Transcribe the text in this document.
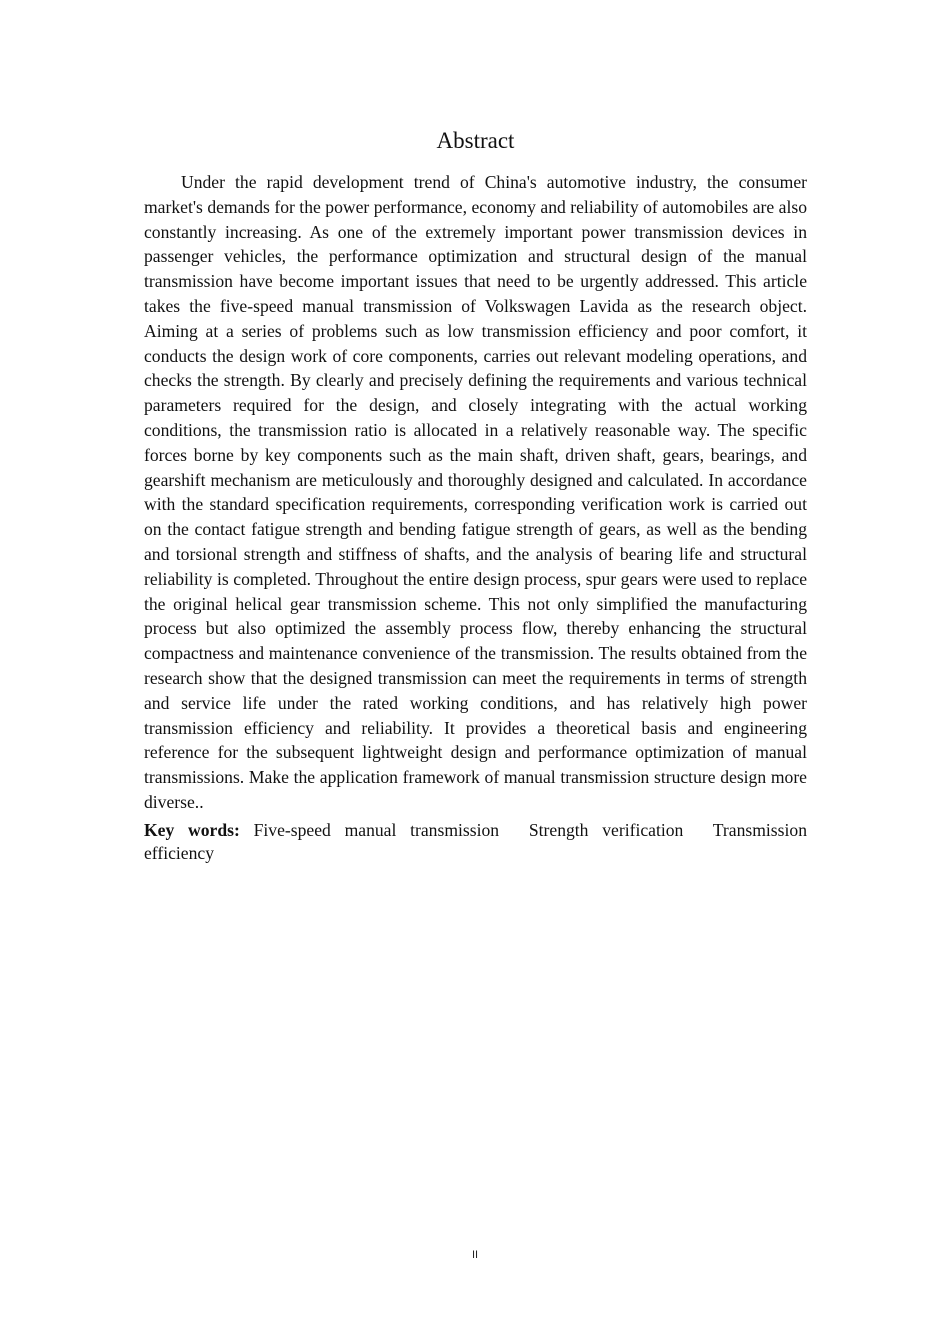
Abstract

Under the rapid development trend of China's automotive industry, the consumer market's demands for the power performance, economy and reliability of automobiles are also constantly increasing. As one of the extremely important power transmission devices in passenger vehicles, the performance optimization and structural design of the manual transmission have become important issues that need to be urgently addressed. This article takes the five-speed manual transmission of Volkswagen Lavida as the research object. Aiming at a series of problems such as low transmission efficiency and poor comfort, it conducts the design work of core components, carries out relevant modeling operations, and checks the strength. By clearly and precisely defining the requirements and various technical parameters required for the design, and closely integrating with the actual working conditions, the transmission ratio is allocated in a relatively reasonable way. The specific forces borne by key components such as the main shaft, driven shaft, gears, bearings, and gearshift mechanism are meticulously and thoroughly designed and calculated. In accordance with the standard specification requirements, corresponding verification work is carried out on the contact fatigue strength and bending fatigue strength of gears, as well as the bending and torsional strength and stiffness of shafts, and the analysis of bearing life and structural reliability is completed. Throughout the entire design process, spur gears were used to replace the original helical gear transmission scheme. This not only simplified the manufacturing process but also optimized the assembly process flow, thereby enhancing the structural compactness and maintenance convenience of the transmission. The results obtained from the research show that the designed transmission can meet the requirements in terms of strength and service life under the rated working conditions, and has relatively high power transmission efficiency and reliability. It provides a theoretical basis and engineering reference for the subsequent lightweight design and performance optimization of manual transmissions. Make the application framework of manual transmission structure design more diverse..

Key words: Five-speed manual transmission Strength verification Transmission efficiency

II
